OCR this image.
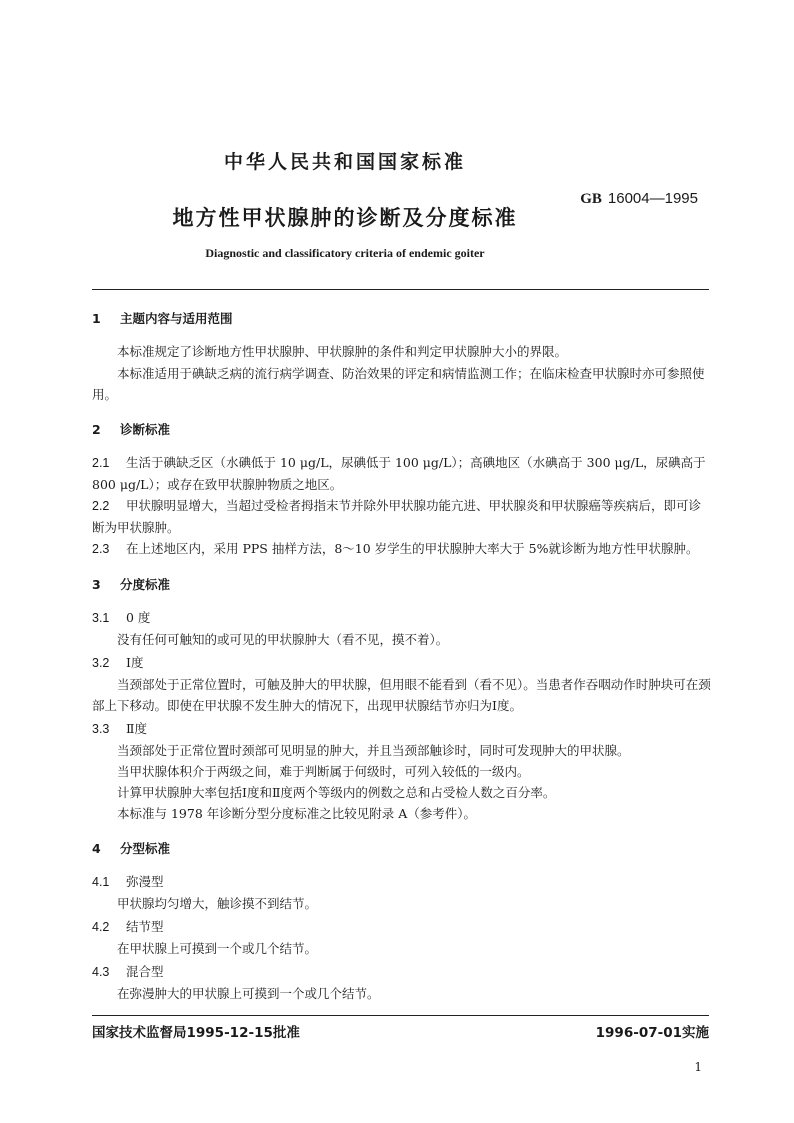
中华人民共和国国家标准
GB 16004—1995
地方性甲状腺肿的诊断及分度标准
Diagnostic and classificatory criteria of endemic goiter
1 主题内容与适用范围

本标准规定了诊断地方性甲状腺肿、甲状腺肿的条件和判定甲状腺肿大小的界限。

本标准适用于碘缺乏病的流行病学调查、防治效果的评定和病情监测工作；在临床检查甲状腺时亦可参照使用。

2 诊断标准

2.1 生活于碘缺乏区（水碘低于 10 μg/L，尿碘低于 100 μg/L）；高碘地区（水碘高于 300 μg/L，尿碘高于 800 μg/L）；或存在致甲状腺肿物质之地区。

2.2 甲状腺明显增大，当超过受检者拇指末节并除外甲状腺功能亢进、甲状腺炎和甲状腺癌等疾病后，即可诊断为甲状腺肿。

2.3 在上述地区内，采用 PPS 抽样方法，8～10 岁学生的甲状腺肿大率大于 5%就诊断为地方性甲状腺肿。

3 分度标准

3.1 0 度

没有任何可触知的或可见的甲状腺肿大（看不见，摸不着）。

3.2 Ⅰ度

当颈部处于正常位置时，可触及肿大的甲状腺，但用眼不能看到（看不见）。当患者作吞咽动作时肿块可在颈部上下移动。即使在甲状腺不发生肿大的情况下，出现甲状腺结节亦归为Ⅰ度。

3.3 Ⅱ度

当颈部处于正常位置时颈部可见明显的肿大，并且当颈部触诊时，同时可发现肿大的甲状腺。

当甲状腺体积介于两级之间，难于判断属于何级时，可列入较低的一级内。

计算甲状腺肿大率包括Ⅰ度和Ⅱ度两个等级内的例数之总和占受检人数之百分率。

本标准与 1978 年诊断分型分度标准之比较见附录 A（参考件）。

4 分型标准

4.1 弥漫型

甲状腺均匀增大，触诊摸不到结节。

4.2 结节型

在甲状腺上可摸到一个或几个结节。

4.3 混合型

在弥漫肿大的甲状腺上可摸到一个或几个结节。

国家技术监督局1995-12-15批准	1996-07-01实施
1
